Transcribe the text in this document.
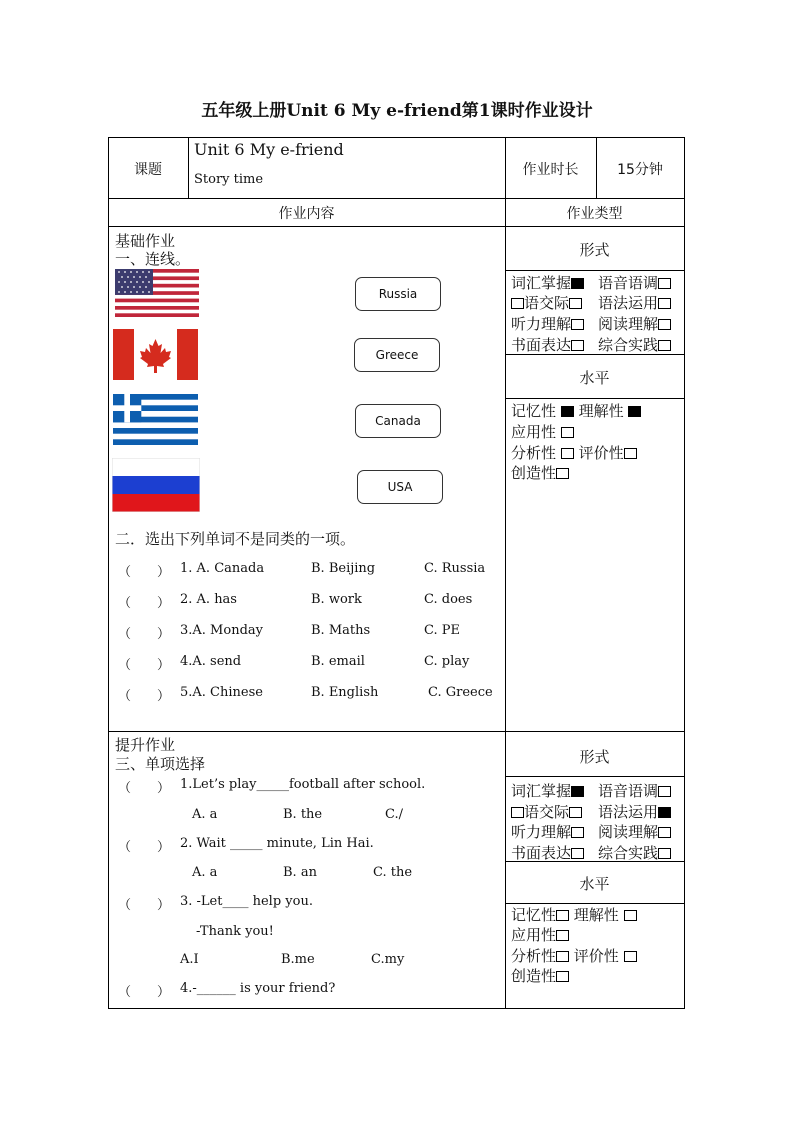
五年级上册Unit 6 My e-friend第1课时作业设计
课题
Unit 6 My e-friend
Story time
作业时长	15分钟
作业内容	作业类型
基础作业
一、连线。
Russia
Greece
Canada
USA
二．选出下列单词不是同类的一项。
（　　） 1. A. Canada	B. Beijing	C. Russia
（　　） 2. A. has	B. work	C. does
（　　） 3.A. Monday	B. Maths	C. PE
（　　） 4.A. send	B. email	C. play
（　　） 5.A. Chinese	B. English	C. Greece
形式
词汇掌握	语音语调
语交际	语法运用
听力理解	阅读理解
书面表达	综合实践
水平
记忆性 理解性
应用性
分析性 评价性
创造性
提升作业
三、单项选择
（　　） 1.Let’s play_____football after school.
A. a	B. the	C./
（　　） 2. Wait _____ minute, Lin Hai.
A. a	B. an	C. the
（　　） 3. -Let____ help you.
-Thank you!
A.I	B.me	C.my
（　　） 4.-______ is your friend?
形式
词汇掌握	语音语调
语交际	语法运用
听力理解	阅读理解
书面表达	综合实践
水平
记忆性 理解性
应用性
分析性 评价性
创造性
